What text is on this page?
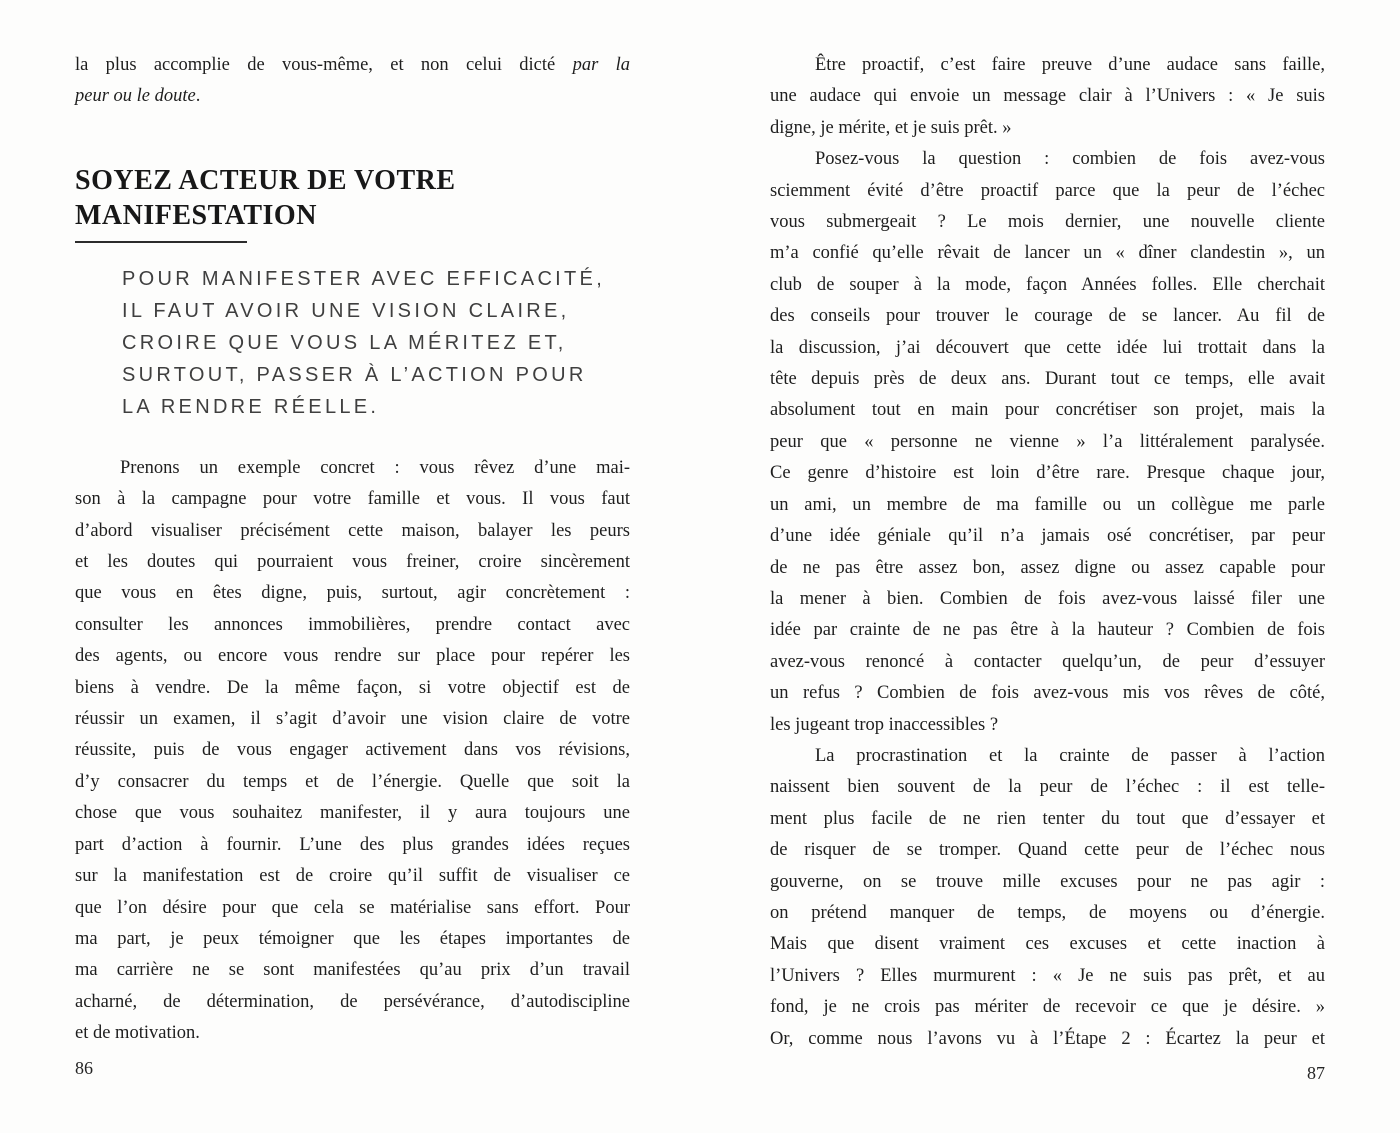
la plus accomplie de vous-même, et non celui dicté par la
peur ou le doute.
SOYEZ ACTEUR DE VOTRE
MANIFESTATION
POUR MANIFESTER AVEC EFFICACITÉ,
IL FAUT AVOIR UNE VISION CLAIRE,
CROIRE QUE VOUS LA MÉRITEZ ET,
SURTOUT, PASSER À L’ACTION POUR
LA RENDRE RÉELLE.
Prenons un exemple concret : vous rêvez d’une mai-
son à la campagne pour votre famille et vous. Il vous faut
d’abord visualiser précisément cette maison, balayer les peurs
et les doutes qui pourraient vous freiner, croire sincèrement
que vous en êtes digne, puis, surtout, agir concrètement :
consulter les annonces immobilières, prendre contact avec
des agents, ou encore vous rendre sur place pour repérer les
biens à vendre. De la même façon, si votre objectif est de
réussir un examen, il s’agit d’avoir une vision claire de votre
réussite, puis de vous engager activement dans vos révisions,
d’y consacrer du temps et de l’énergie. Quelle que soit la
chose que vous souhaitez manifester, il y aura toujours une
part d’action à fournir. L’une des plus grandes idées reçues
sur la manifestation est de croire qu’il suffit de visualiser ce
que l’on désire pour que cela se matérialise sans effort. Pour
ma part, je peux témoigner que les étapes importantes de
ma carrière ne se sont manifestées qu’au prix d’un travail
acharné, de détermination, de persévérance, d’autodiscipline
et de motivation.
86
Être proactif, c’est faire preuve d’une audace sans faille,
une audace qui envoie un message clair à l’Univers : « Je suis
digne, je mérite, et je suis prêt. »
Posez-vous la question : combien de fois avez-vous
sciemment évité d’être proactif parce que la peur de l’échec
vous submergeait ? Le mois dernier, une nouvelle cliente
m’a confié qu’elle rêvait de lancer un « dîner clandestin », un
club de souper à la mode, façon Années folles. Elle cherchait
des conseils pour trouver le courage de se lancer. Au fil de
la discussion, j’ai découvert que cette idée lui trottait dans la
tête depuis près de deux ans. Durant tout ce temps, elle avait
absolument tout en main pour concrétiser son projet, mais la
peur que « personne ne vienne » l’a littéralement paralysée.
Ce genre d’histoire est loin d’être rare. Presque chaque jour,
un ami, un membre de ma famille ou un collègue me parle
d’une idée géniale qu’il n’a jamais osé concrétiser, par peur
de ne pas être assez bon, assez digne ou assez capable pour
la mener à bien. Combien de fois avez-vous laissé filer une
idée par crainte de ne pas être à la hauteur ? Combien de fois
avez-vous renoncé à contacter quelqu’un, de peur d’essuyer
un refus ? Combien de fois avez-vous mis vos rêves de côté,
les jugeant trop inaccessibles ?
La procrastination et la crainte de passer à l’action
naissent bien souvent de la peur de l’échec : il est telle-
ment plus facile de ne rien tenter du tout que d’essayer et
de risquer de se tromper. Quand cette peur de l’échec nous
gouverne, on se trouve mille excuses pour ne pas agir :
on prétend manquer de temps, de moyens ou d’énergie.
Mais que disent vraiment ces excuses et cette inaction à
l’Univers ? Elles murmurent : « Je ne suis pas prêt, et au
fond, je ne crois pas mériter de recevoir ce que je désire. »
Or, comme nous l’avons vu à l’Étape 2 : Écartez la peur et
87
